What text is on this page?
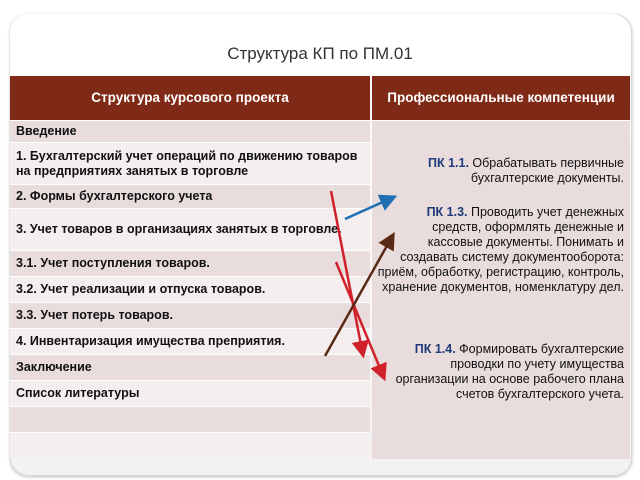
Структура КП по ПМ.01
Структура курсового проекта	Профессиональные компетенции
Введение
1. Бухгалтерский учет операций по движению товаров на предприятиях занятых в торговле
2. Формы бухгалтерского учета
3. Учет товаров в организациях занятых в торговле.
3.1. Учет поступления товаров.
3.2. Учет реализации и отпуска товаров.
3.3. Учет потерь товаров.
4. Инвентаризация имущества преприятия.
Заключение
Список литературы
ПК 1.1. Обрабатывать первичные бухгалтерские документы.
ПК 1.3. Проводить учет денежных средств, оформлять денежные и кассовые документы. Понимать и создавать систему документооборота: приём, обработку, регистрацию, контроль, хранение документов, номенклатуру дел.
ПК 1.4. Формировать бухгалтерские проводки по учету имущества организации на основе рабочего плана счетов бухгалтерского учета.
